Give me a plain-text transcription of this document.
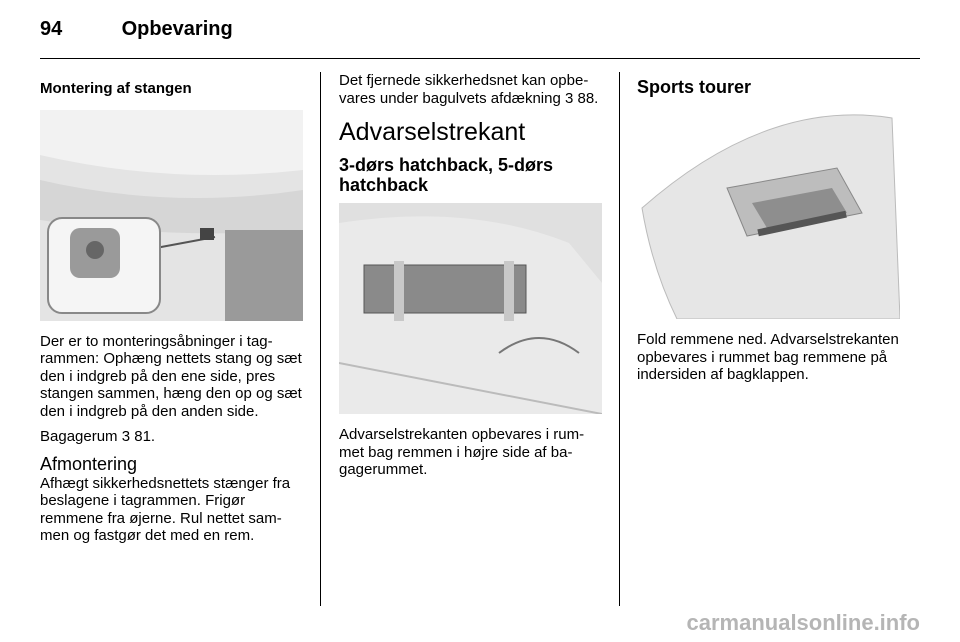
94	Opbevaring
Montering af stangen
Der er to monteringsåbninger i tagrammen: Ophæng nettets stang og sæt den i indgreb på den ene side, pres stangen sammen, hæng den op og sæt den i indgreb på den anden side.
Bagagerum 3 81.
Afmontering
Afhægt sikkerhedsnettets stænger fra beslagene i tagrammen. Frigør remmene fra øjerne. Rul nettet sammen og fastgør det med en rem.
Det fjernede sikkerhedsnet kan opbevares under bagulvets afdækning 3 88.
Advarselstrekant
3-dørs hatchback, 5-dørs hatchback
Advarselstrekanten opbevares i rummet bag remmen i højre side af bagagerummet.
Sports tourer
Fold remmene ned. Advarselstrekanten opbevares i rummet bag remmene på indersiden af bagklappen.
carmanualsonline.info
